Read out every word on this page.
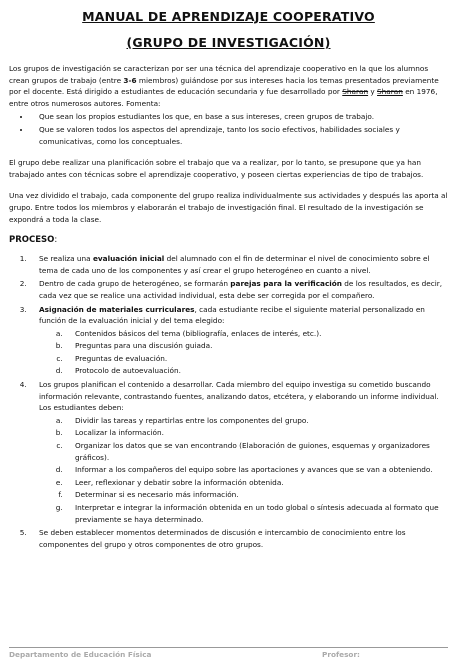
MANUAL DE APRENDIZAJE COOPERATIVO
(GRUPO DE INVESTIGACIÓN)

Los grupos de investigación se caracterizan por ser una técnica del aprendizaje cooperativo en la que los alumnos crean grupos de trabajo (entre 3-6 miembros) guiándose por sus intereses hacia los temas presentados previamente por el docente. Está dirigido a estudiantes de educación secundaria y fue desarrollado por Sharan y Sharan en 1976, entre otros numerosos autores. Fomenta:

• Que sean los propios estudiantes los que, en base a sus intereses, creen grupos de trabajo.
• Que se valoren todos los aspectos del aprendizaje, tanto los socio efectivos, habilidades sociales y comunicativas, como los conceptuales.

El grupo debe realizar una planificación sobre el trabajo que va a realizar, por lo tanto, se presupone que ya han trabajado antes con técnicas sobre el aprendizaje cooperativo, y poseen ciertas experiencias de tipo de trabajos.

Una vez dividido el trabajo, cada componente del grupo realiza individualmente sus actividades y después las aporta al grupo. Entre todos los miembros y elaborarán el trabajo de investigación final. El resultado de la investigación se expondrá a toda la clase.

PROCESO:
1. Se realiza una evaluación inicial del alumnado con el fin de determinar el nivel de conocimiento sobre el tema de cada uno de los componentes y así crear el grupo heterogéneo en cuanto a nivel.
2. Dentro de cada grupo de heterogéneo, se formarán parejas para la verificación de los resultados, es decir, cada vez que se realice una actividad individual, esta debe ser corregida por el compañero.
3. Asignación de materiales curriculares, cada estudiante recibe el siguiente material personalizado en función de la evaluación inicial y del tema elegido:
a. Contenidos básicos del tema (bibliografía, enlaces de interés, etc.).
b. Preguntas para una discusión guiada.
c. Preguntas de evaluación.
d. Protocolo de autoevaluación.
4. Los grupos planifican el contenido a desarrollar. Cada miembro del equipo investiga su cometido buscando información relevante, contrastando fuentes, analizando datos, etcétera, y elaborando un informe individual. Los estudiantes deben:
a. Dividir las tareas y repartirlas entre los componentes del grupo.
b. Localizar la información.
c. Organizar los datos que se van encontrando (Elaboración de guiones, esquemas y organizadores gráficos).
d. Informar a los compañeros del equipo sobre las aportaciones y avances que se van a obteniendo.
e. Leer, reflexionar y debatir sobre la información obtenida.
f. Determinar si es necesario más información.
g. Interpretar e integrar la información obtenida en un todo global o síntesis adecuada al formato que previamente se haya determinado.
5. Se deben establecer momentos determinados de discusión e intercambio de conocimiento entre los componentes del grupo y otros componentes de otro grupos.
Departamento de Educación Física	Profesor:
